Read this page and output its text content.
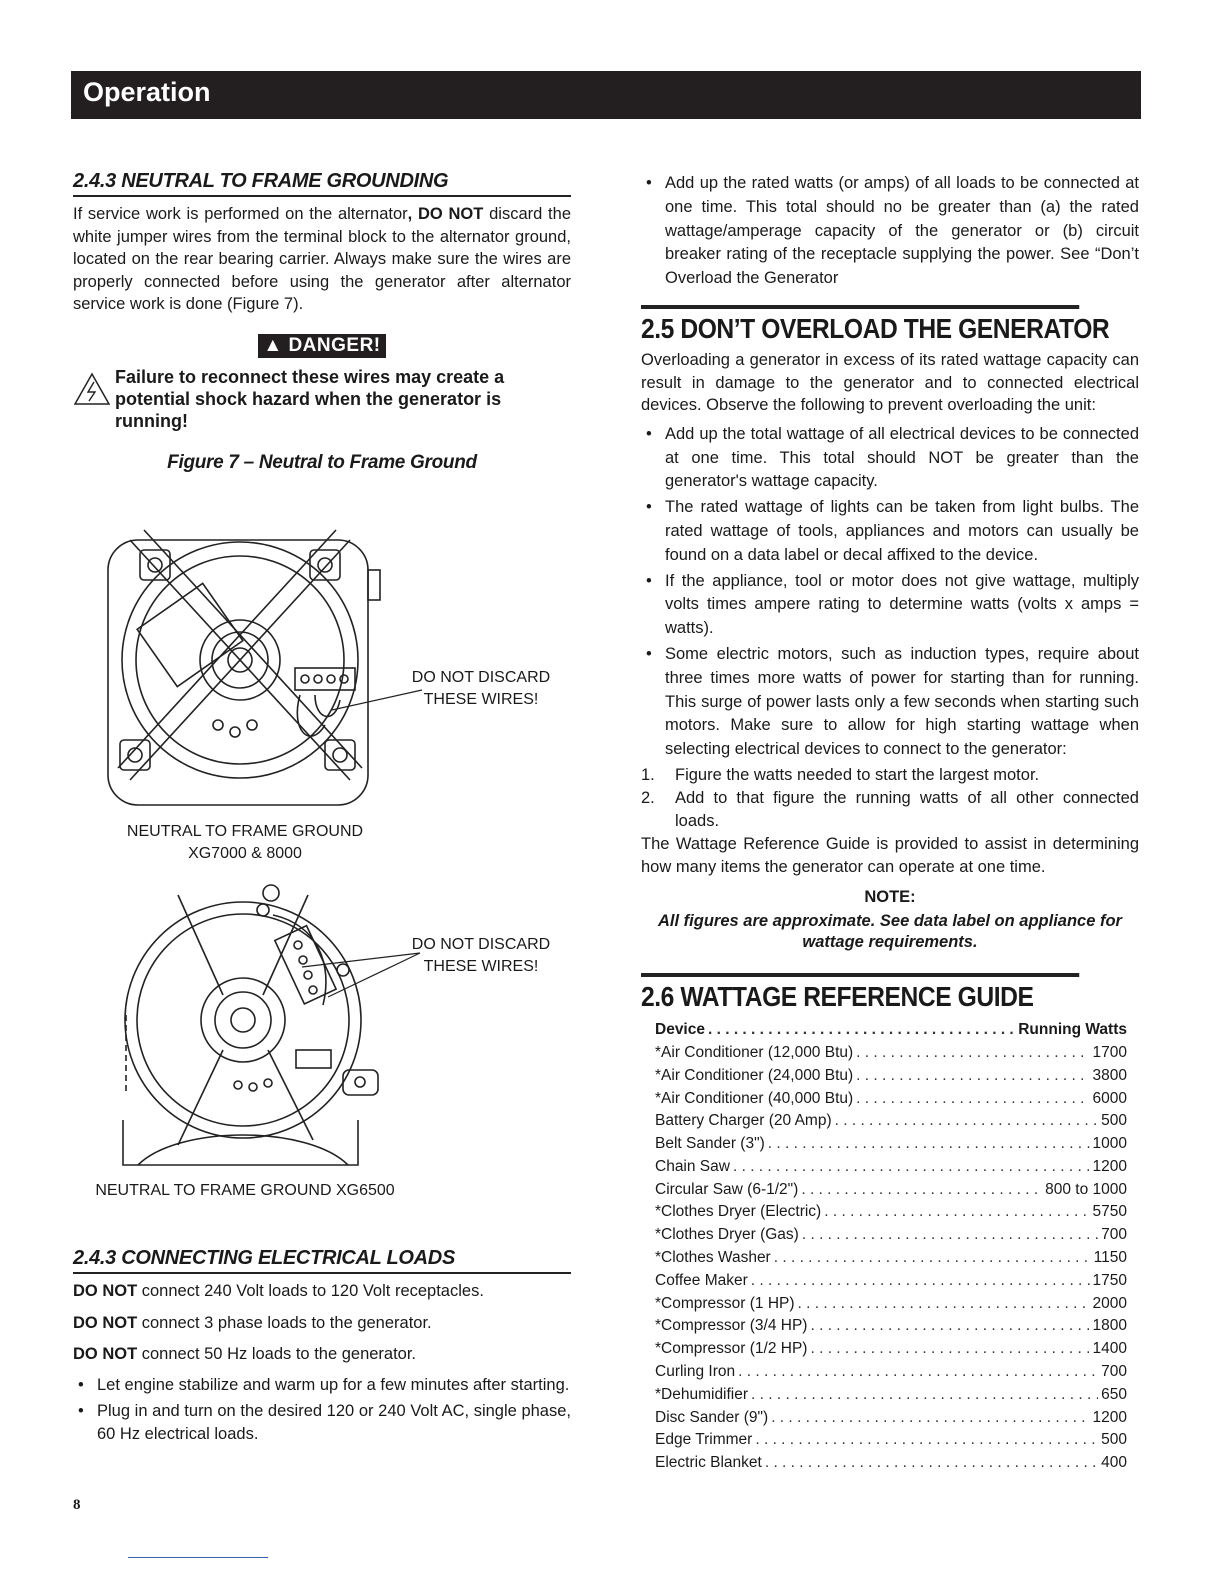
Operation
2.4.3 NEUTRAL TO FRAME GROUNDING

If service work is performed on the alternator, DO NOT discard the white jumper wires from the terminal block to the alternator ground, located on the rear bearing carrier. Always make sure the wires are properly connected before using the generator after alternator service work is done (Figure 7).

▲ DANGER!
Failure to reconnect these wires may create a potential shock hazard when the generator is running!
Figure 7 – Neutral to Frame Ground
DO NOT DISCARD
THESE WIRES!
NEUTRAL TO FRAME GROUND
XG7000 & 8000
DO NOT DISCARD
THESE WIRES!
NEUTRAL TO FRAME GROUND XG6500
2.4.3 CONNECTING ELECTRICAL LOADS

DO NOT connect 240 Volt loads to 120 Volt receptacles.

DO NOT connect 3 phase loads to the generator.

DO NOT connect 50 Hz loads to the generator.

• Let engine stabilize and warm up for a few minutes after starting.
• Plug in and turn on the desired 120 or 240 Volt AC, single phase, 60 Hz electrical loads.
• Add up the rated watts (or amps) of all loads to be connected at one time. This total should no be greater than (a) the rated wattage/amperage capacity of the generator or (b) circuit breaker rating of the receptacle supplying the power. See “Don’t Overload the Generator
2.5 DON’T OVERLOAD THE GENERATOR

Overloading a generator in excess of its rated wattage capacity can result in damage to the generator and to connected electrical devices. Observe the following to prevent overloading the unit:

• Add up the total wattage of all electrical devices to be connected at one time. This total should NOT be greater than the generator's wattage capacity.
• The rated wattage of lights can be taken from light bulbs. The rated wattage of tools, appliances and motors can usually be found on a data label or decal affixed to the device.
• If the appliance, tool or motor does not give wattage, multiply volts times ampere rating to determine watts (volts x amps = watts).
• Some electric motors, such as induction types, require about three times more watts of power for starting than for running. This surge of power lasts only a few seconds when starting such motors. Make sure to allow for high starting wattage when selecting electrical devices to connect to the generator:
1. Figure the watts needed to start the largest motor.
2. Add to that figure the running watts of all other connected loads.

The Wattage Reference Guide is provided to assist in determining how many items the generator can operate at one time.

NOTE:
All figures are approximate. See data label on appliance for wattage requirements.
2.6 WATTAGE REFERENCE GUIDE
Device . . .	Running Watts
*Air Conditioner (12,000 Btu) . . .	1700
*Air Conditioner (24,000 Btu) . . .	3800
*Air Conditioner (40,000 Btu) . . .	6000
Battery Charger (20 Amp) . . .	500
Belt Sander (3") . . .	1000
Chain Saw . . .	1200
Circular Saw (6-1/2") . . .	800 to 1000
*Clothes Dryer (Electric) . . .	5750
*Clothes Dryer (Gas) . . .	700
*Clothes Washer . . .	1150
Coffee Maker . . .	1750
*Compressor (1 HP) . . .	2000
*Compressor (3/4 HP) . . .	1800
*Compressor (1/2 HP) . . .	1400
Curling Iron . . .	700
*Dehumidifier . . .	650
Disc Sander (9") . . .	1200
Edge Trimmer . . .	500
Electric Blanket . . .	400
8
